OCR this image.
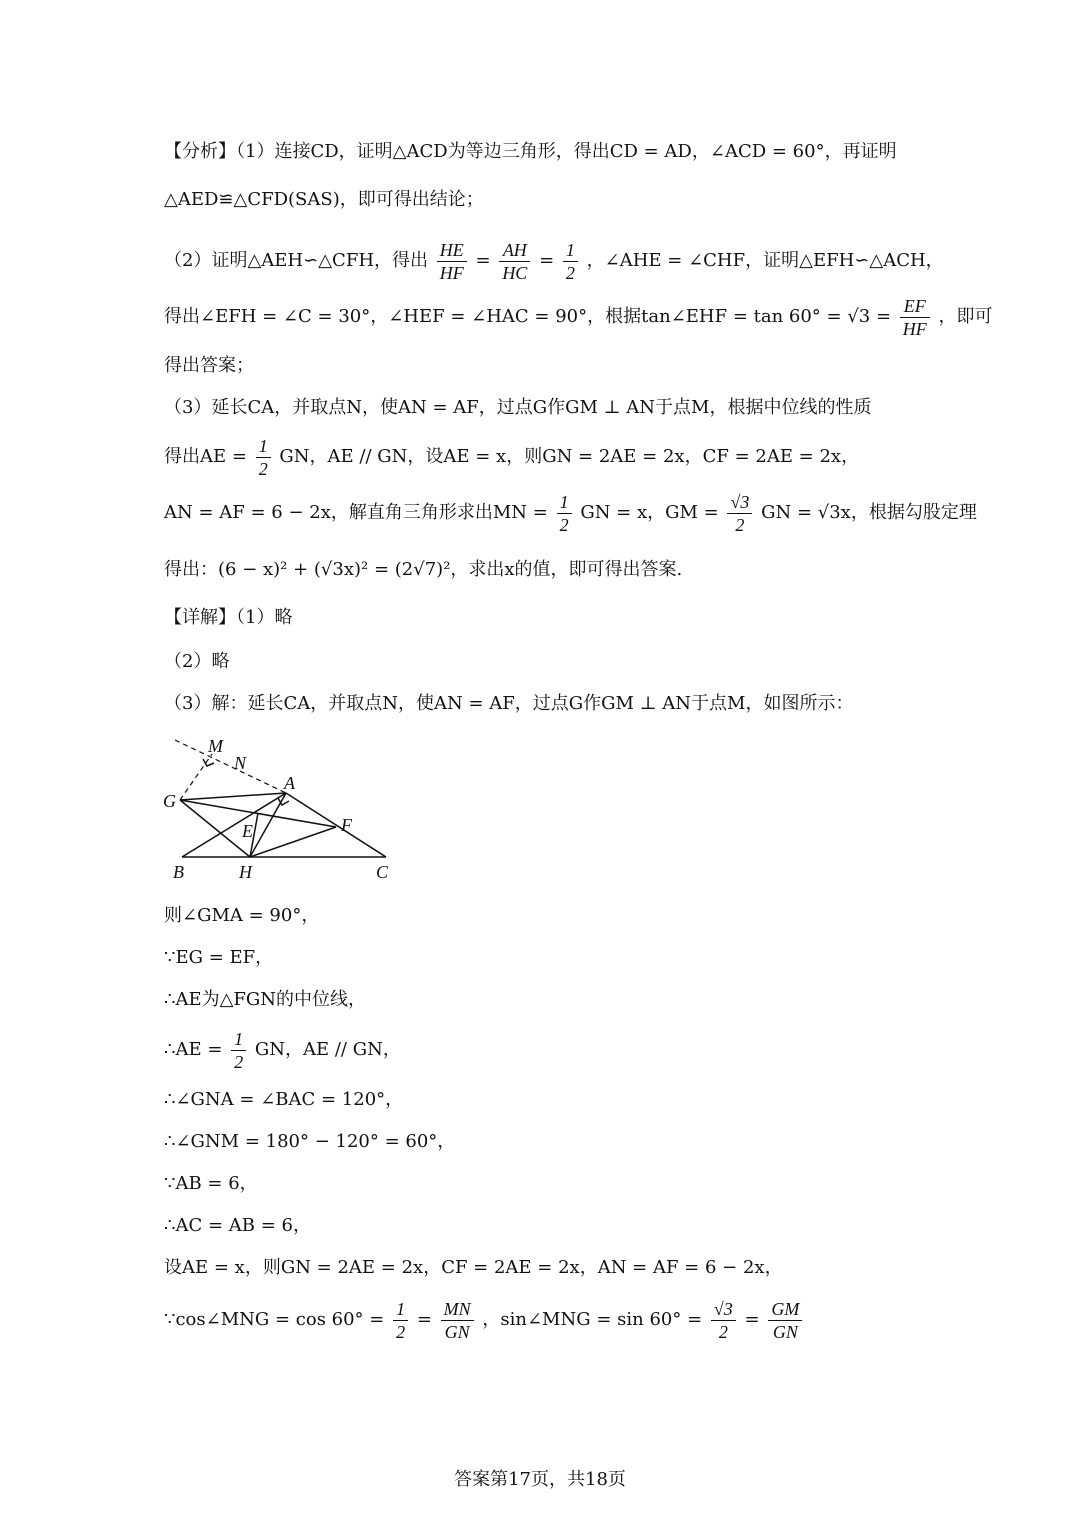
【分析】（1）连接CD，证明△ACD为等边三角形，得出CD = AD，∠ACD = 60°，再证明
△AED≌△CFD(SAS)，即可得出结论；
（2）证明△AEH∽△CFH，得出 $\frac{HE}{HF} = \frac{AH}{HC} = \frac{1}{2}$ ，∠AHE = ∠CHF，证明△EFH∽△ACH，
得出∠EFH = ∠C = 30°，∠HEF = ∠HAC = 90°，根据tan∠EHF = $\tan 60^\circ = √3 = \frac{EF}{HF}$ ，即可
得出答案；
（3）延长CA，并取点N，使AN = AF，过点G作GM ⊥ AN于点M，根据中位线的性质
得出AE = $\frac{1}{2}$ GN，AE // GN，设AE = x，则GN = 2AE = 2x，CF = 2AE = 2x，
AN = AF = 6 − 2x，解直角三角形求出MN = $\frac{1}{2}$ GN = x，GM = $\frac{√3}{2}$ GN = √3x，根据勾股定理
得出：(6 − x)² + (√3x)² = (2√7)²，求出x的值，即可得出答案.
【详解】（1）略
（2）略
（3）解：延长CA，并取点N，使AN = AF，过点G作GM ⊥ AN于点M，如图所示：
M
N
G
A
E	F
B	H	C
则∠GMA = 90°，
∵EG = EF，
∴AE为△FGN的中位线，
∴AE = $\frac{1}{2}$ GN，AE // GN，
∴∠GNA = ∠BAC = 120°，
∴∠GNM = 180° − 120° = 60°，
∵AB = 6，
∴AC = AB = 6，
设AE = x，则GN = 2AE = 2x，CF = 2AE = 2x，AN = AF = 6 − 2x，
∵cos∠MNG = $\cos 60^\circ = \frac{1}{2} = \frac{MN}{GN}$ ，sin∠MNG = $\sin 60^\circ = \frac{√3}{2} = \frac{GM}{GN}$
答案第17页，共18页
